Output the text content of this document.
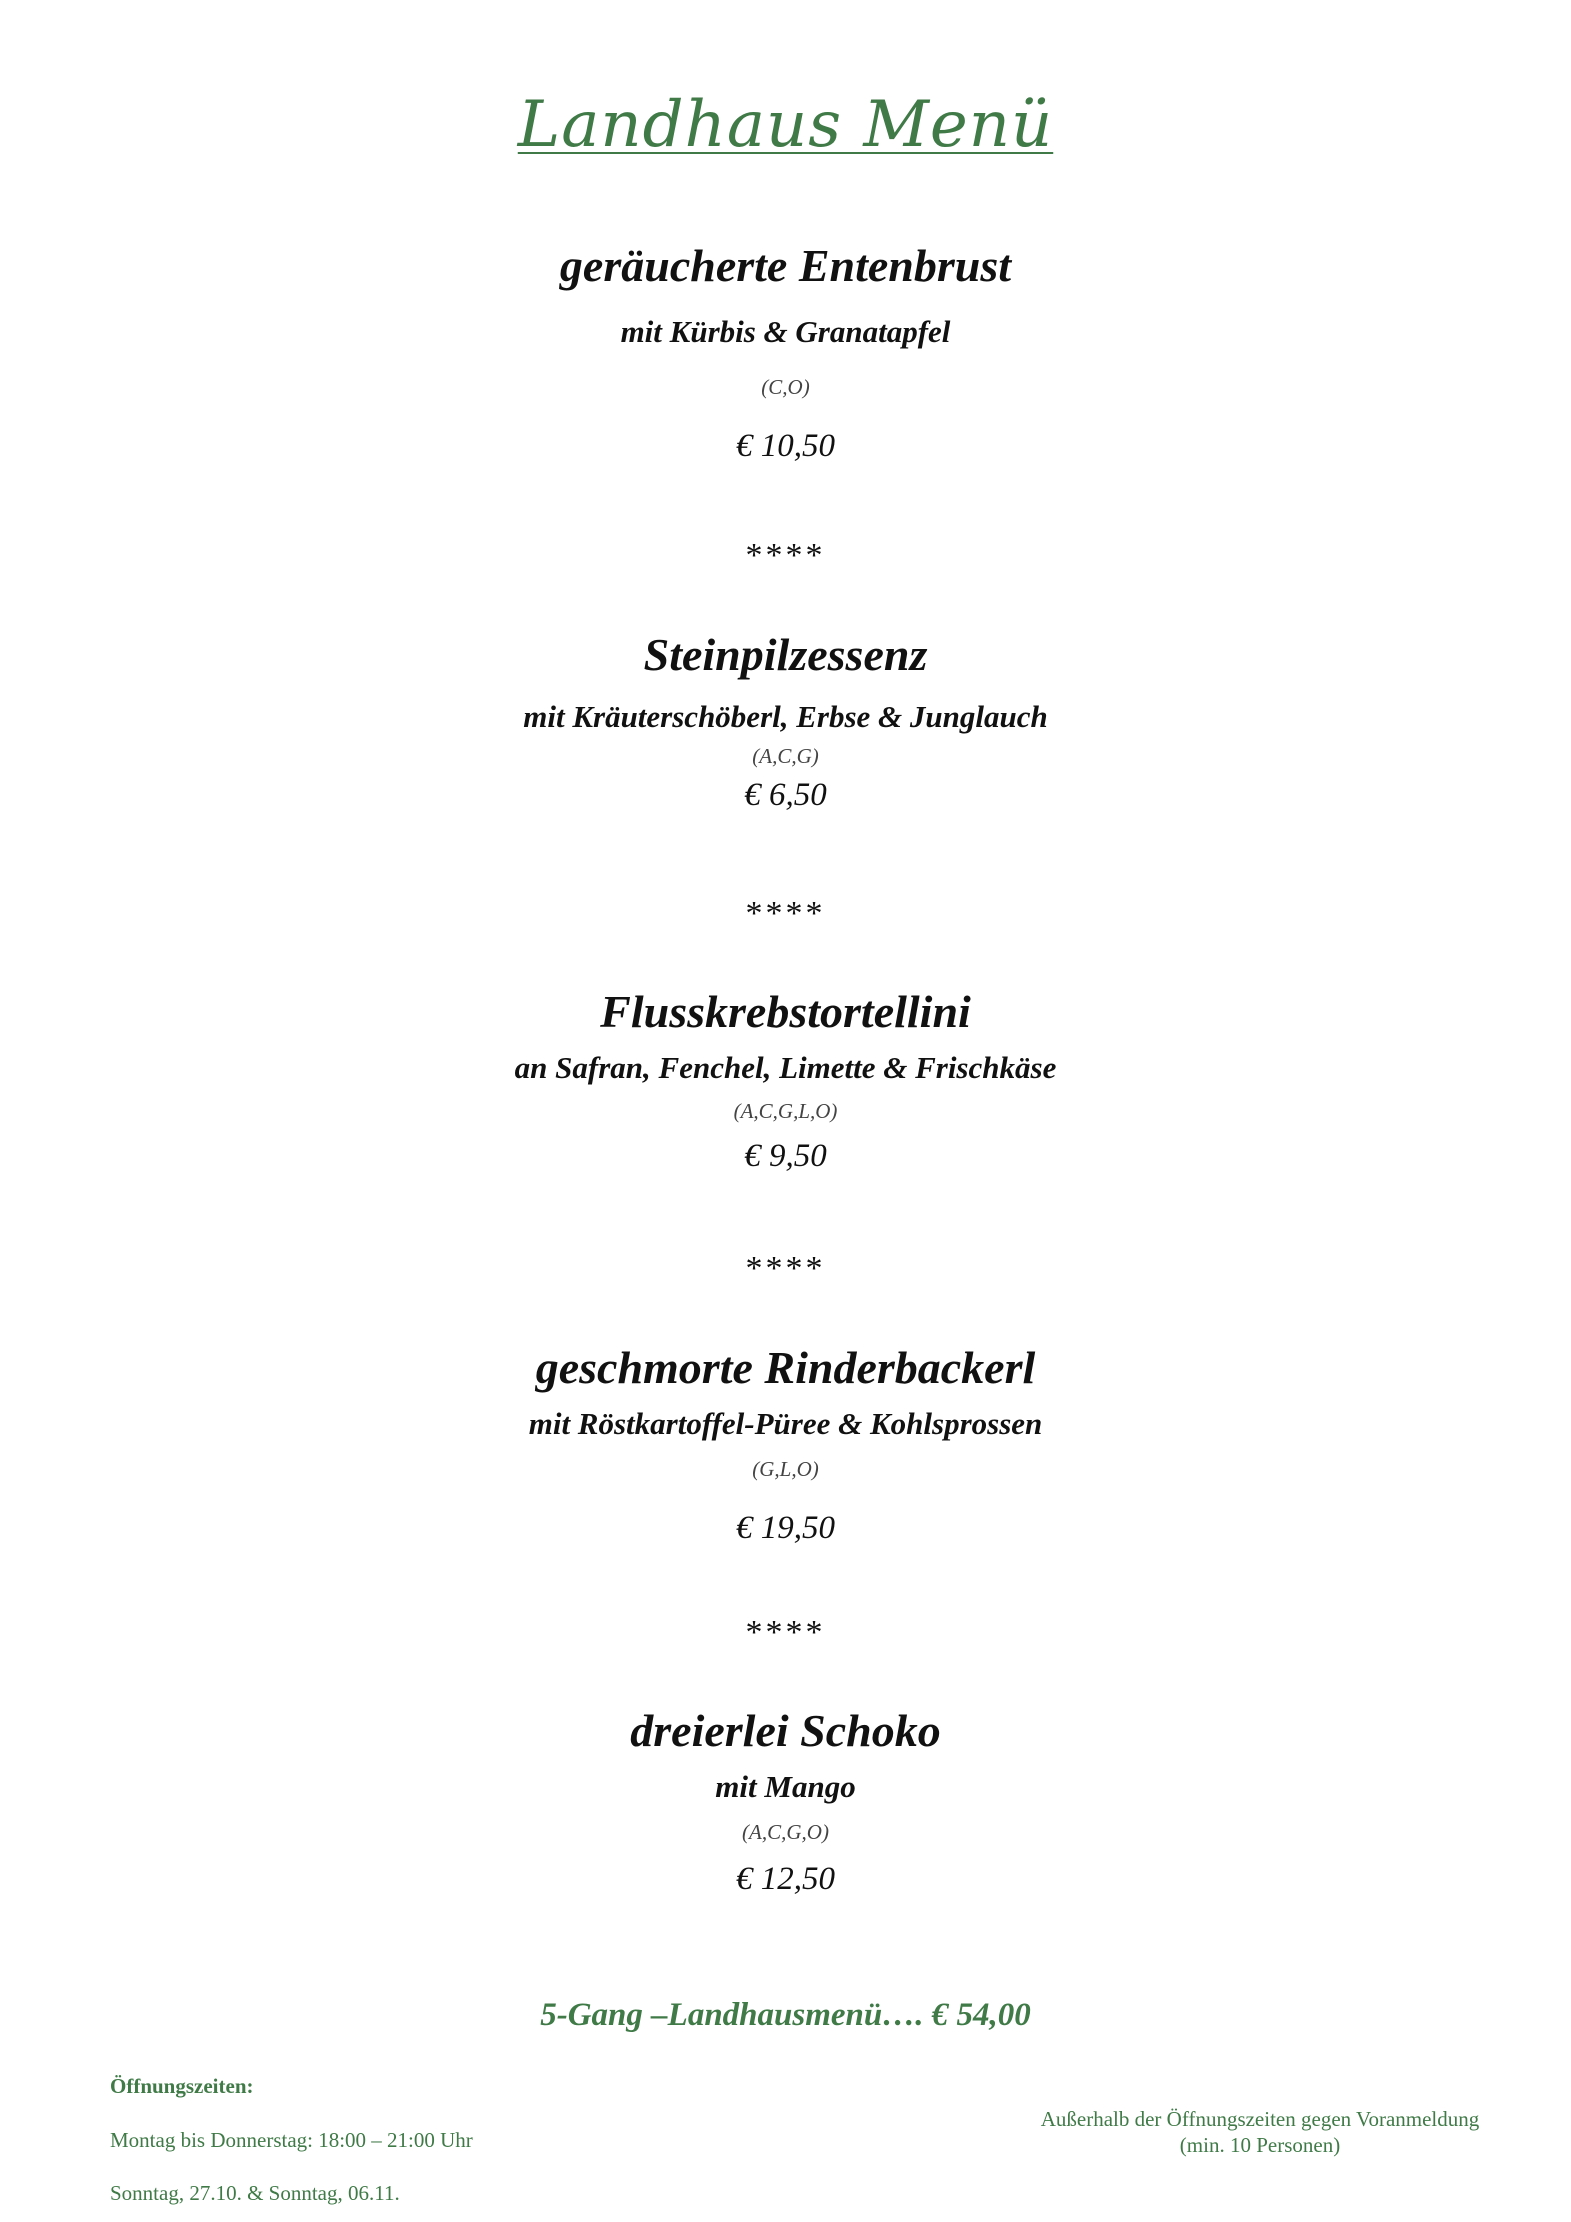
Landhaus Menü
geräucherte Entenbrust
mit Kürbis & Granatapfel
(C,O)
€ 10,50
****
Steinpilzessenz
mit Kräuterschöberl, Erbse & Junglauch
(A,C,G)
€ 6,50
****
Flusskrebstortellini
an Safran, Fenchel, Limette & Frischkäse
(A,C,G,L,O)
€ 9,50
****
geschmorte Rinderbackerl
mit Röstkartoffel-Püree & Kohlsprossen
(G,L,O)
€ 19,50
****
dreierlei Schoko
mit Mango
(A,C,G,O)
€ 12,50
5-Gang –Landhausmenü…. € 54,00
Öffnungszeiten:
Montag bis Donnerstag: 18:00 – 21:00 Uhr
Sonntag, 27.10. & Sonntag, 06.11.
Außerhalb der Öffnungszeiten gegen Voranmeldung
(min. 10 Personen)
